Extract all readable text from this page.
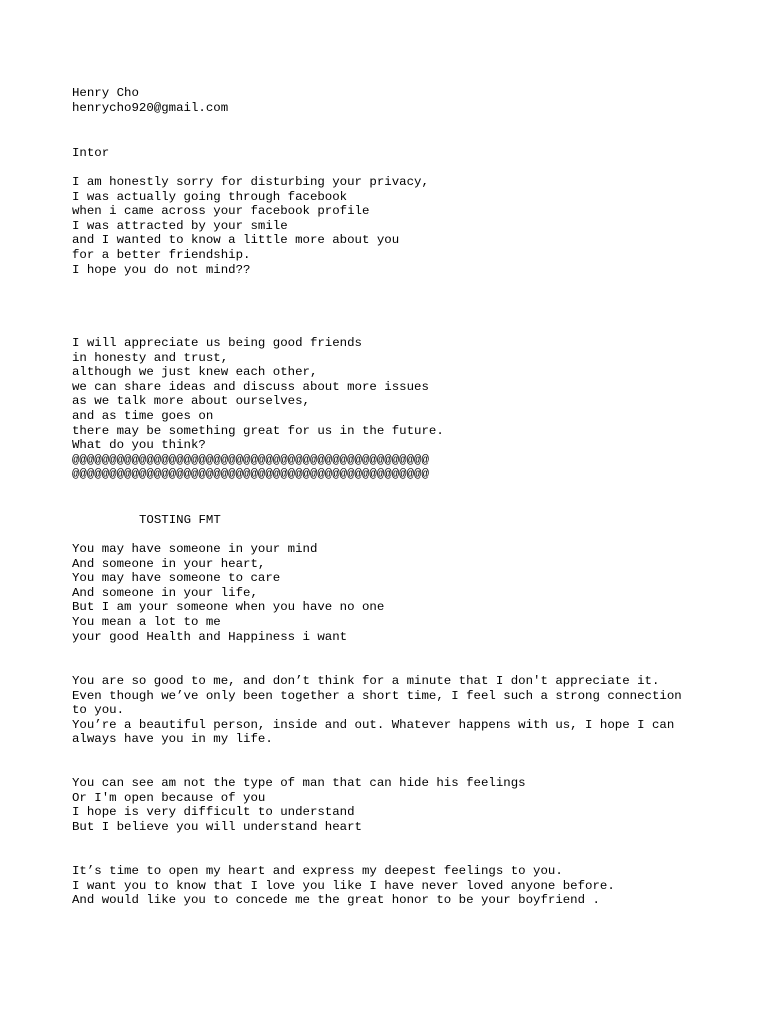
Henry Cho

henrycho920@gmail.com

Intor

I am honestly sorry for disturbing your privacy,

I was actually going through facebook

when i came across your facebook profile

I was attracted by your smile

and I wanted to know a little more about you

for a better friendship.

I hope you do not mind??

I will appreciate us being good friends

in honesty and trust,

although we just knew each other,

we can share ideas and discuss about more issues

as we talk more about ourselves,

and as time goes on

there may be something great for us in the future.

What do you think?

@@@@@@@@@@@@@@@@@@@@@@@@@@@@@@@@@@@@@@@@@@@@@@@@

@@@@@@@@@@@@@@@@@@@@@@@@@@@@@@@@@@@@@@@@@@@@@@@@

TOSTING FMT

You may have someone in your mind

And someone in your heart,

You may have someone to care

And someone in your life,

But I am your someone when you have no one

You mean a lot to me

your good Health and Happiness i want

You are so good to me, and don’t think for a minute that I don't appreciate it.

Even though we’ve only been together a short time, I feel such a strong connection

to you.

You’re a beautiful person, inside and out. Whatever happens with us, I hope I can

always have you in my life.

You can see am not the type of man that can hide his feelings

Or I'm open because of you

I hope is very difficult to understand

But I believe you will understand heart

It’s time to open my heart and express my deepest feelings to you.

I want you to know that I love you like I have never loved anyone before.

And would like you to concede me the great honor to be your boyfriend .
